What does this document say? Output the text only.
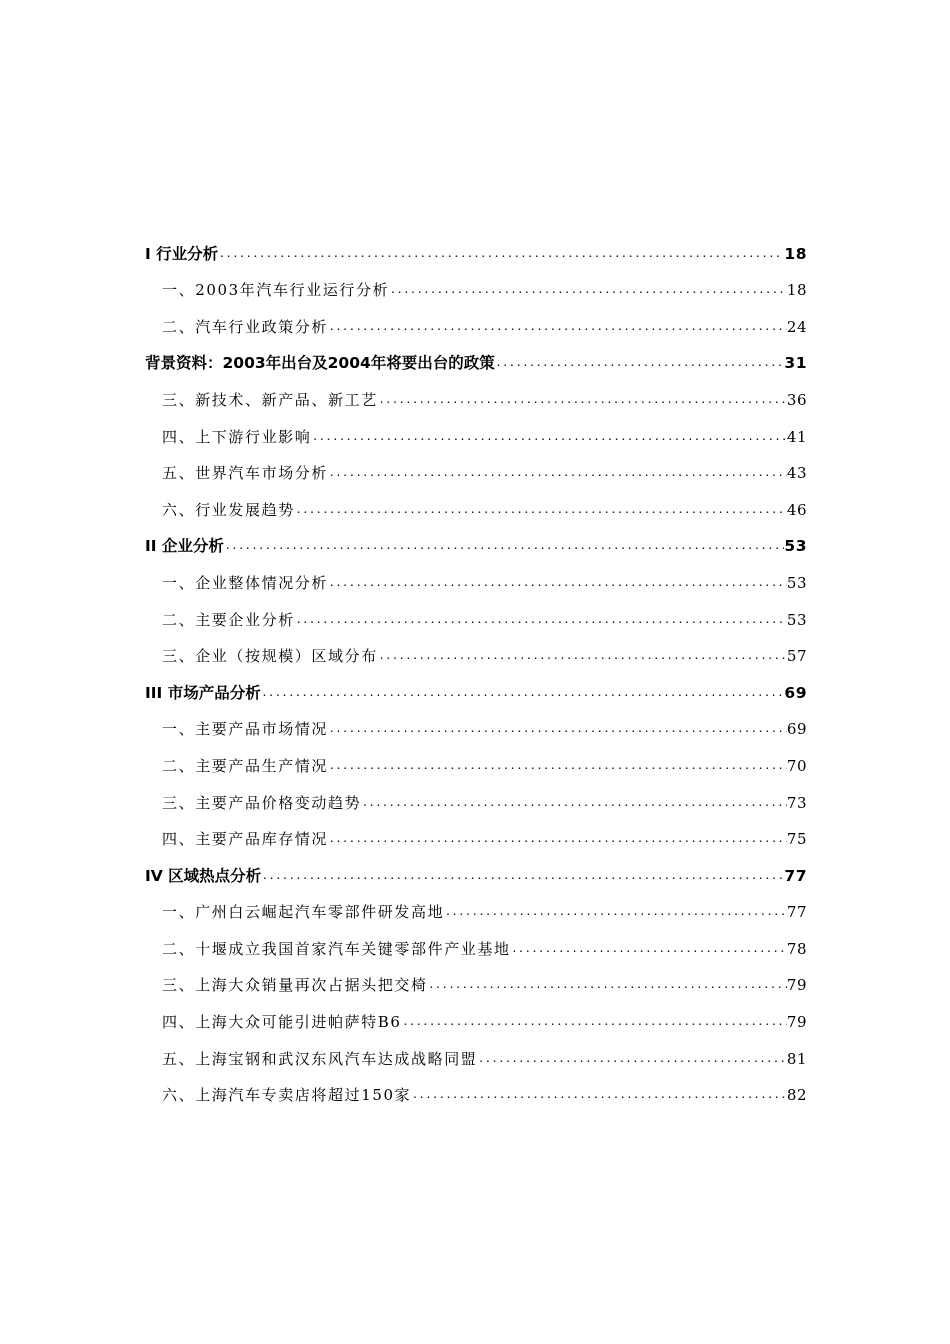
I 行业分析 .....	18
一、2003年汽车行业运行分析 .....	18
二、汽车行业政策分析 .....	24
背景资料：2003年出台及2004年将要出台的政策 .....	31
三、新技术、新产品、新工艺 .....	36
四、上下游行业影响 .....	41
五、世界汽车市场分析 .....	43
六、行业发展趋势 .....	46
II 企业分析 .....	53
一、企业整体情况分析 .....	53
二、主要企业分析 .....	53
三、企业（按规模）区域分布 .....	57
III 市场产品分析 .....	69
一、主要产品市场情况 .....	69
二、主要产品生产情况 .....	70
三、主要产品价格变动趋势 .....	73
四、主要产品库存情况 .....	75
IV 区域热点分析 .....	77
一、广州白云崛起汽车零部件研发高地 .....	77
二、十堰成立我国首家汽车关键零部件产业基地 .....	78
三、上海大众销量再次占据头把交椅 .....	79
四、上海大众可能引进帕萨特B6 .....	79
五、上海宝钢和武汉东风汽车达成战略同盟 .....	81
六、上海汽车专卖店将超过150家 .....	82
